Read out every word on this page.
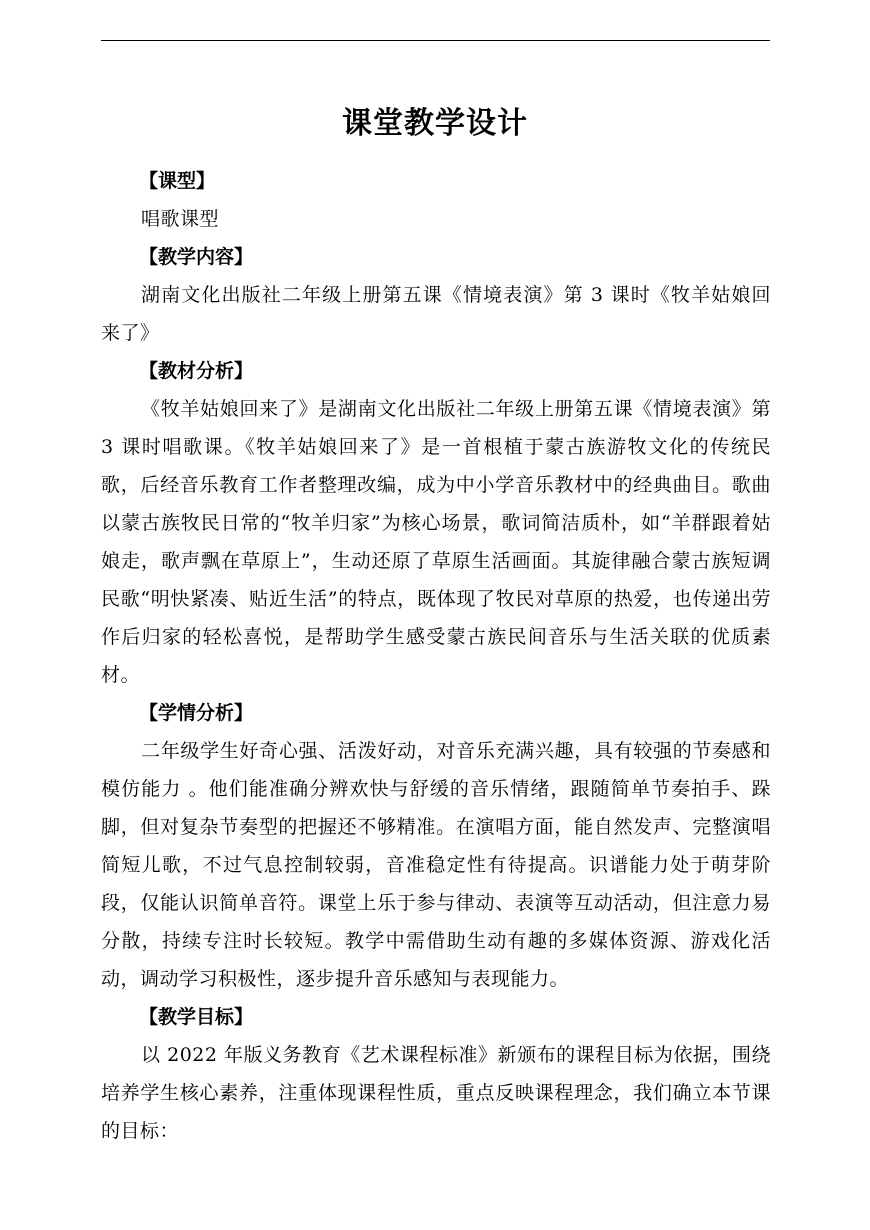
课堂教学设计

【课型】

唱歌课型

【教学内容】

湖南文化出版社二年级上册第五课《情境表演》第 3 课时《牧羊姑娘回来了》

【教材分析】

《牧羊姑娘回来了》是湖南文化出版社二年级上册第五课《情境表演》第 3 课时唱歌课。《牧羊姑娘回来了》是一首根植于蒙古族游牧文化的传统民歌，后经音乐教育工作者整理改编，成为中小学音乐教材中的经典曲目。歌曲以蒙古族牧民日常的“牧羊归家”为核心场景，歌词简洁质朴，如“羊群跟着姑娘走，歌声飘在草原上”，生动还原了草原生活画面。其旋律融合蒙古族短调民歌“明快紧凑、贴近生活”的特点，既体现了牧民对草原的热爱，也传递出劳作后归家的轻松喜悦，是帮助学生感受蒙古族民间音乐与生活关联的优质素材。

【学情分析】

二年级学生好奇心强、活泼好动，对音乐充满兴趣，具有较强的节奏感和模仿能力 。他们能准确分辨欢快与舒缓的音乐情绪，跟随简单节奏拍手、跺脚，但对复杂节奏型的把握还不够精准。在演唱方面，能自然发声、完整演唱简短儿歌，不过气息控制较弱，音准稳定性有待提高。识谱能力处于萌芽阶段，仅能认识简单音符。课堂上乐于参与律动、表演等互动活动，但注意力易分散，持续专注时长较短。教学中需借助生动有趣的多媒体资源、游戏化活动，调动学习积极性，逐步提升音乐感知与表现能力。

【教学目标】

以 2022 年版义务教育《艺术课程标准》新颁布的课程目标为依据，围绕培养学生核心素养，注重体现课程性质，重点反映课程理念，我们确立本节课的目标：
